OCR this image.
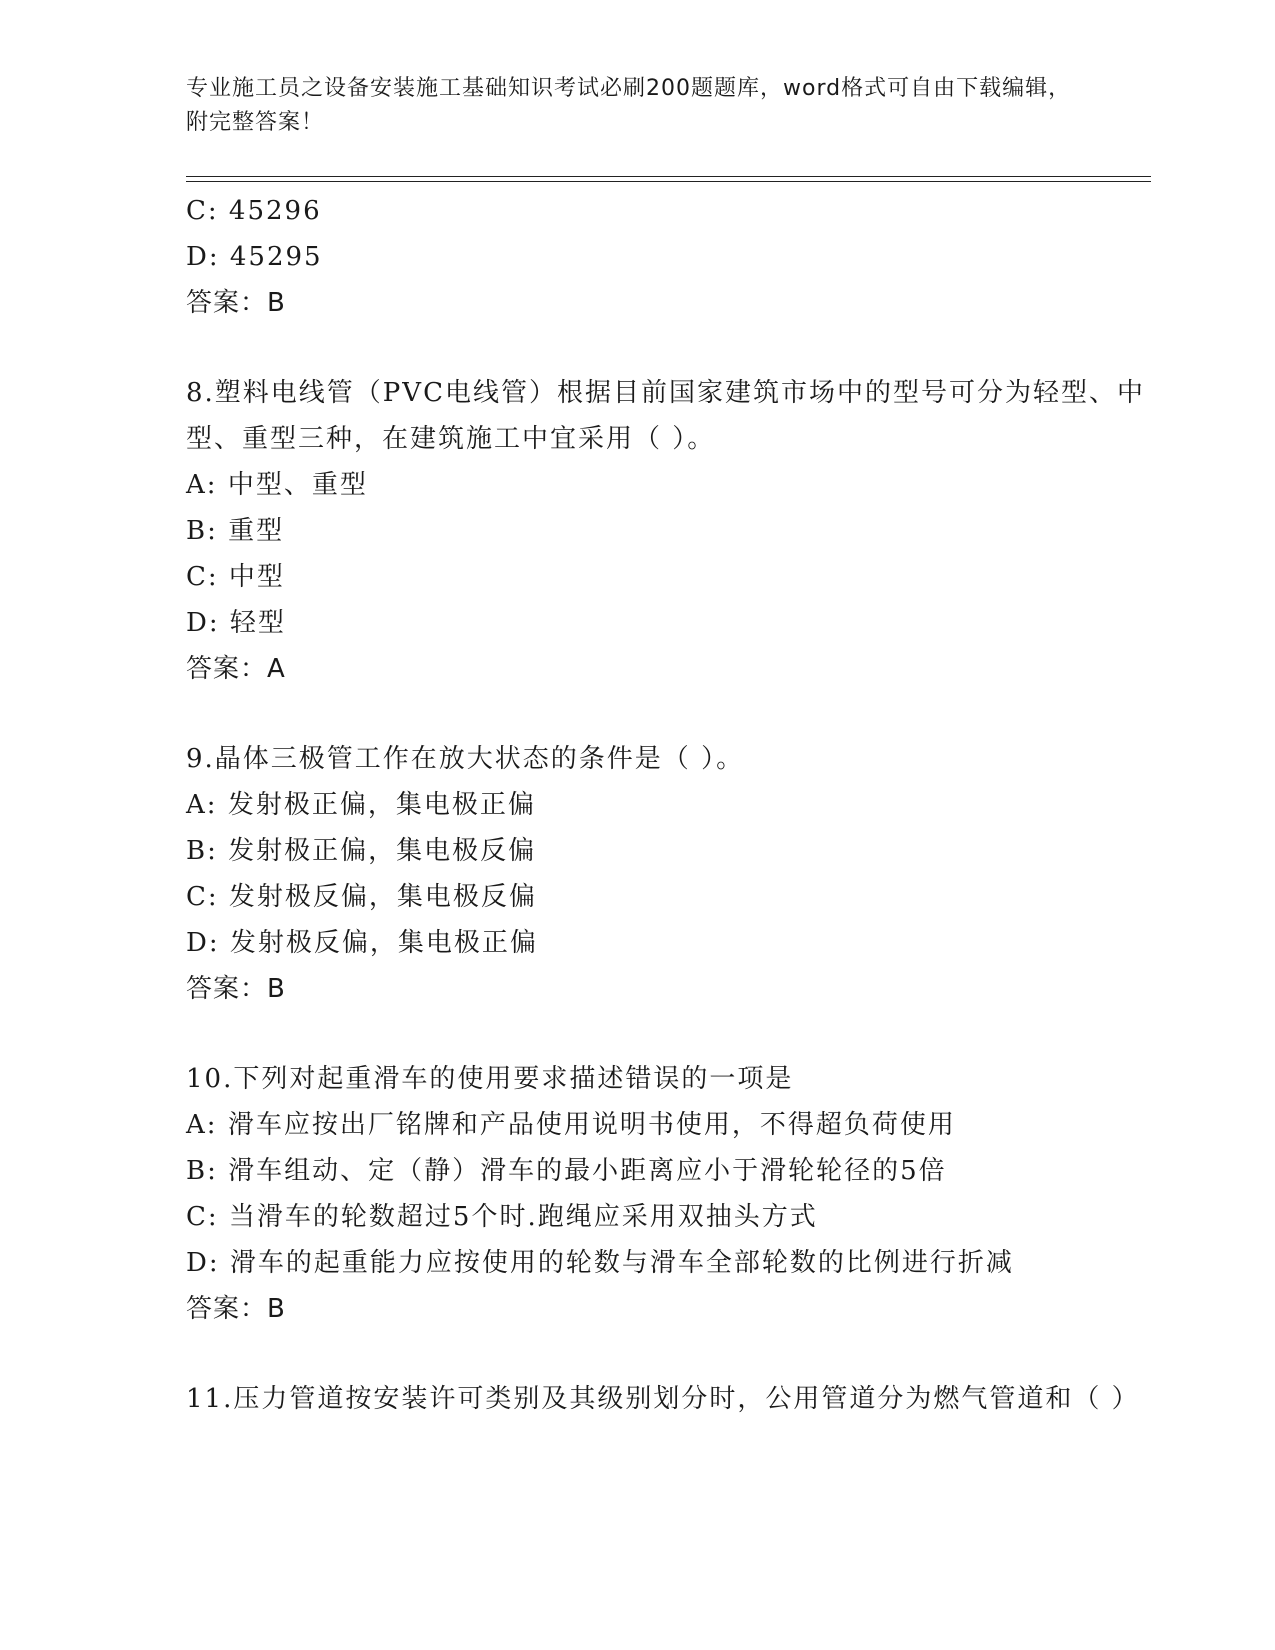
专业施工员之设备安装施工基础知识考试必刷200题题库，word格式可自由下载编辑，附完整答案！
C: 45296
D: 45295
答案：B
8.塑料电线管（PVC电线管）根据目前国家建筑市场中的型号可分为轻型、中型、重型三种，在建筑施工中宜采用（ ）。
A: 中型、重型
B: 重型
C: 中型
D: 轻型
答案：A
9.晶体三极管工作在放大状态的条件是（ ）。
A: 发射极正偏，集电极正偏
B: 发射极正偏，集电极反偏
C: 发射极反偏，集电极反偏
D: 发射极反偏，集电极正偏
答案：B
10.下列对起重滑车的使用要求描述错误的一项是
A: 滑车应按出厂铭牌和产品使用说明书使用，不得超负荷使用
B: 滑车组动、定（静）滑车的最小距离应小于滑轮轮径的5倍
C: 当滑车的轮数超过5个时.跑绳应采用双抽头方式
D: 滑车的起重能力应按使用的轮数与滑车全部轮数的比例进行折减
答案：B
11.压力管道按安装许可类别及其级别划分时，公用管道分为燃气管道和（ ）
